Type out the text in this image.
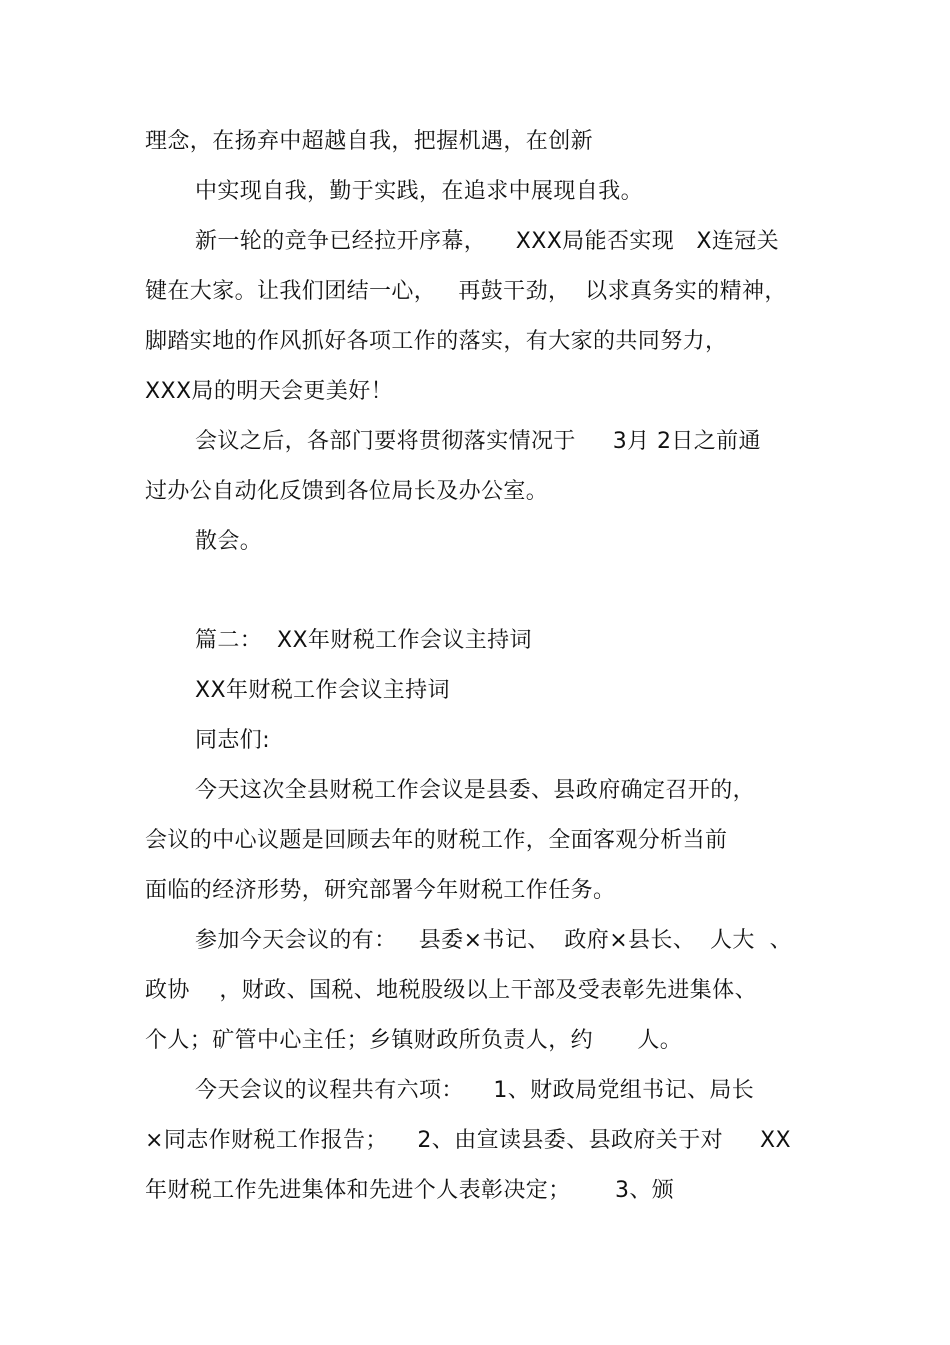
理念，在扬弃中超越自我，把握机遇，在创新
中实现自我，勤于实践，在追求中展现自我。
新一轮的竞争已经拉开序幕，    XXX局能否实现   X连冠关
键在大家。让我们团结一心，   再鼓干劲，  以求真务实的精神，
脚踏实地的作风抓好各项工作的落实，有大家的共同努力，
XXX局的明天会更美好！
会议之后，各部门要将贯彻落实情况于     3月 2日之前通
过办公自动化反馈到各位局长及办公室。
散会。
篇二：  XX年财税工作会议主持词
XX年财税工作会议主持词
同志们:
今天这次全县财税工作会议是县委、县政府确定召开的，
会议的中心议题是回顾去年的财税工作，全面客观分析当前
面临的经济形势，研究部署今年财税工作任务。
参加今天会议的有：   县委×书记、  政府×县长、  人大  、
政协    ，财政、国税、地税股级以上干部及受表彰先进集体、
个人；矿管中心主任；乡镇财政所负责人，约      人。
今天会议的议程共有六项：    1、财政局党组书记、局长
×同志作财税工作报告；    2、由宣读县委、县政府关于对     XX
年财税工作先进集体和先进个人表彰决定；      3、颁
